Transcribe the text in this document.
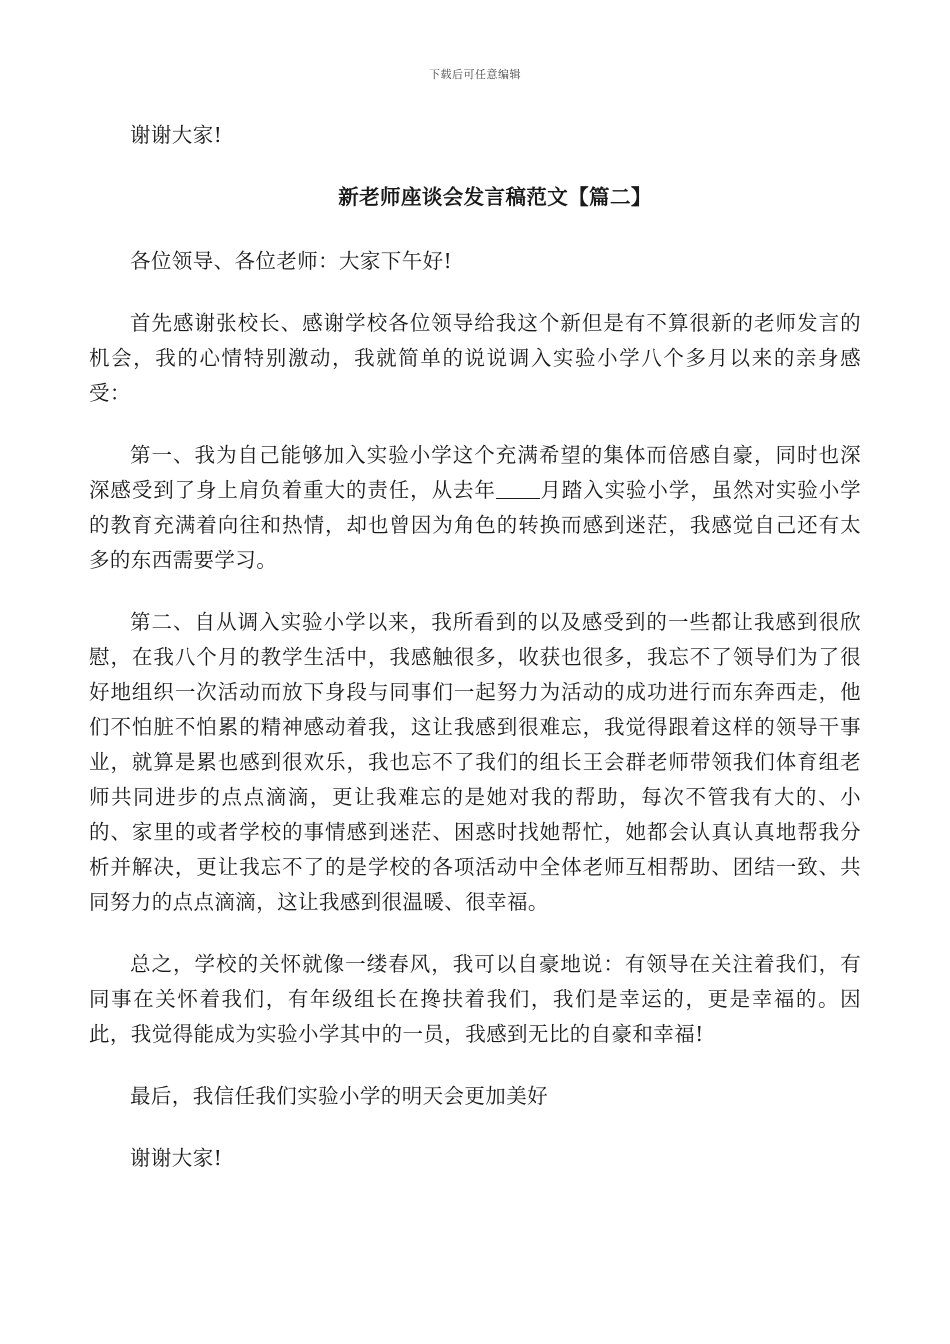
下载后可任意编辑

谢谢大家!

新老师座谈会发言稿范文【篇二】

各位领导、各位老师：大家下午好!

首先感谢张校长、感谢学校各位领导给我这个新但是有不算很新的老师发言的机会，我的心情特别激动，我就简单的说说调入实验小学八个多月以来的亲身感受：

第一、我为自己能够加入实验小学这个充满希望的集体而倍感自豪，同时也深深感受到了身上肩负着重大的责任，从去年 月踏入实验小学，虽然对实验小学的教育充满着向往和热情，却也曾因为角色的转换而感到迷茫，我感觉自己还有太多的东西需要学习。

第二、自从调入实验小学以来，我所看到的以及感受到的一些都让我感到很欣慰，在我八个月的教学生活中，我感触很多，收获也很多，我忘不了领导们为了很好地组织一次活动而放下身段与同事们一起努力为活动的成功进行而东奔西走，他们不怕脏不怕累的精神感动着我，这让我感到很难忘，我觉得跟着这样的领导干事业，就算是累也感到很欢乐，我也忘不了我们的组长王会群老师带领我们体育组老师共同进步的点点滴滴，更让我难忘的是她对我的帮助，每次不管我有大的、小的、家里的或者学校的事情感到迷茫、困惑时找她帮忙，她都会认真认真地帮我分析并解决，更让我忘不了的是学校的各项活动中全体老师互相帮助、团结一致、共同努力的点点滴滴，这让我感到很温暖、很幸福。

总之，学校的关怀就像一缕春风，我可以自豪地说：有领导在关注着我们，有同事在关怀着我们，有年级组长在搀扶着我们，我们是幸运的，更是幸福的。因此，我觉得能成为实验小学其中的一员，我感到无比的自豪和幸福!

最后，我信任我们实验小学的明天会更加美好

谢谢大家!
